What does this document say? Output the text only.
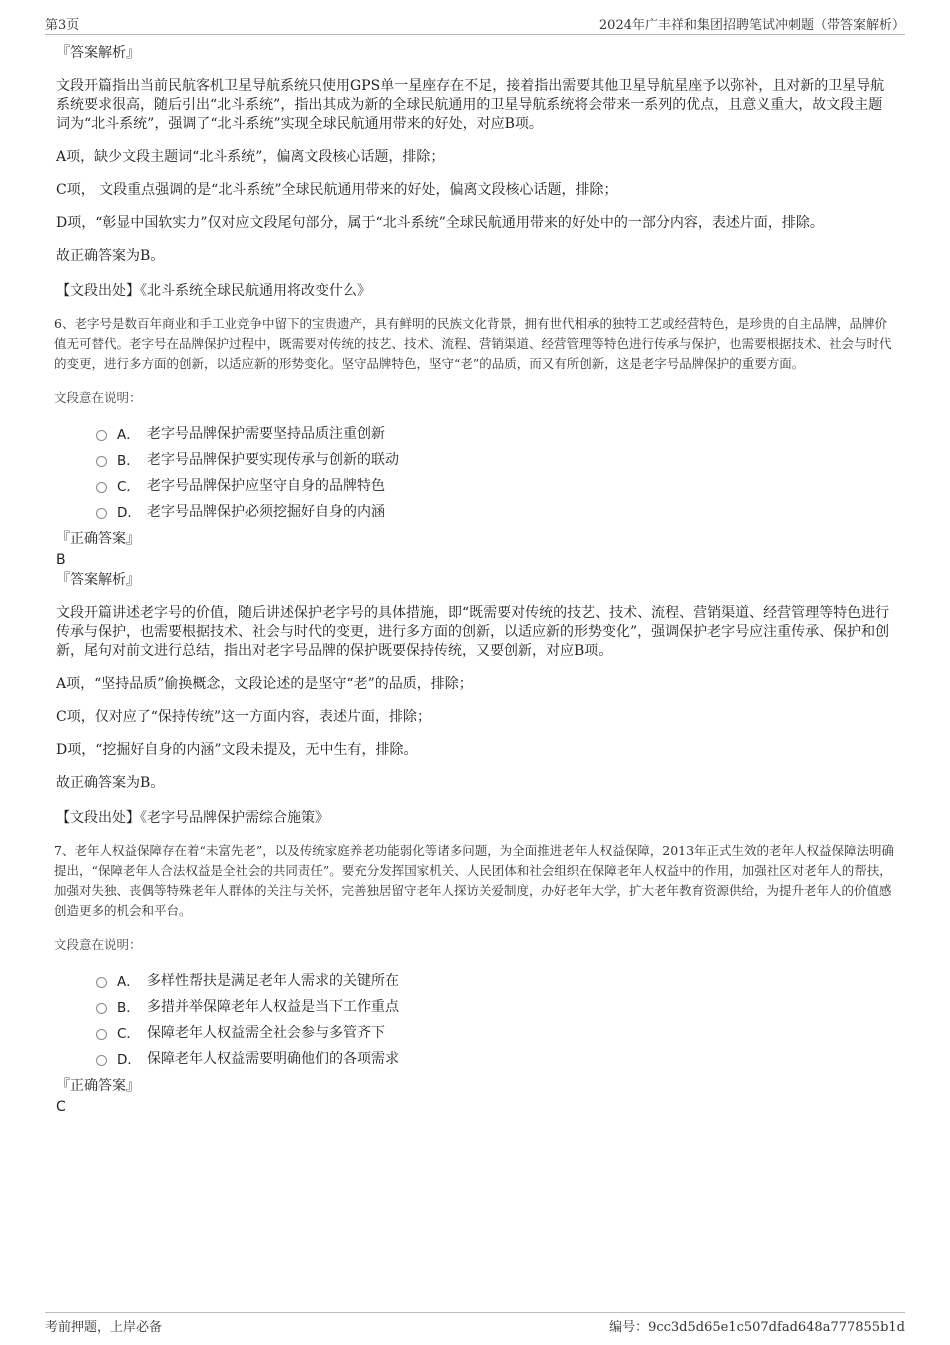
第3页	2024年广丰祥和集团招聘笔试冲刺题（带答案解析）
『答案解析』

文段开篇指出当前民航客机卫星导航系统只使用GPS单一星座存在不足，接着指出需要其他卫星导航星座予以弥补，且对新的卫星导航系统要求很高，随后引出“北斗系统”，指出其成为新的全球民航通用的卫星导航系统将会带来一系列的优点，且意义重大，故文段主题词为“北斗系统”，强调了“北斗系统”实现全球民航通用带来的好处，对应B项。

A项，缺少文段主题词“北斗系统”，偏离文段核心话题，排除；

C项， 文段重点强调的是“北斗系统”全球民航通用带来的好处，偏离文段核心话题，排除；

D项，“彰显中国软实力”仅对应文段尾句部分，属于“北斗系统”全球民航通用带来的好处中的一部分内容，表述片面，排除。

故正确答案为B。

【文段出处】《北斗系统全球民航通用将改变什么》

6、老字号是数百年商业和手工业竞争中留下的宝贵遗产，具有鲜明的民族文化背景，拥有世代相承的独特工艺或经营特色，是珍贵的自主品牌，品牌价值无可替代。老字号在品牌保护过程中，既需要对传统的技艺、技术、流程、营销渠道、经营管理等特色进行传承与保护，也需要根据技术、社会与时代的变更，进行多方面的创新，以适应新的形势变化。坚守品牌特色，坚守“老”的品质，而又有所创新，这是老字号品牌保护的重要方面。

文段意在说明：

A． 老字号品牌保护需要坚持品质注重创新
B． 老字号品牌保护要实现传承与创新的联动
C． 老字号品牌保护应坚守自身的品牌特色
D． 老字号品牌保护必须挖掘好自身的内涵
『正确答案』
B
『答案解析』

文段开篇讲述老字号的价值，随后讲述保护老字号的具体措施，即“既需要对传统的技艺、技术、流程、营销渠道、经营管理等特色进行传承与保护，也需要根据技术、社会与时代的变更，进行多方面的创新，以适应新的形势变化”，强调保护老字号应注重传承、保护和创新，尾句对前文进行总结，指出对老字号品牌的保护既要保持传统，又要创新，对应B项。

A项，“坚持品质”偷换概念，文段论述的是坚守“老”的品质，排除；

C项，仅对应了“保持传统”这一方面内容，表述片面，排除；

D项，“挖掘好自身的内涵”文段未提及，无中生有，排除。

故正确答案为B。

【文段出处】《老字号品牌保护需综合施策》

7、老年人权益保障存在着“未富先老”，以及传统家庭养老功能弱化等诸多问题，为全面推进老年人权益保障，2013年正式生效的老年人权益保障法明确提出，“保障老年人合法权益是全社会的共同责任”。要充分发挥国家机关、人民团体和社会组织在保障老年人权益中的作用，加强社区对老年人的帮扶，加强对失独、丧偶等特殊老年人群体的关注与关怀，完善独居留守老年人探访关爱制度，办好老年大学，扩大老年教育资源供给，为提升老年人的价值感创造更多的机会和平台。

文段意在说明：

A． 多样性帮扶是满足老年人需求的关键所在
B． 多措并举保障老年人权益是当下工作重点
C． 保障老年人权益需全社会参与多管齐下
D． 保障老年人权益需要明确他们的各项需求
『正确答案』
C
考前押题，上岸必备	编号：9cc3d5d65e1c507dfad648a777855b1d
